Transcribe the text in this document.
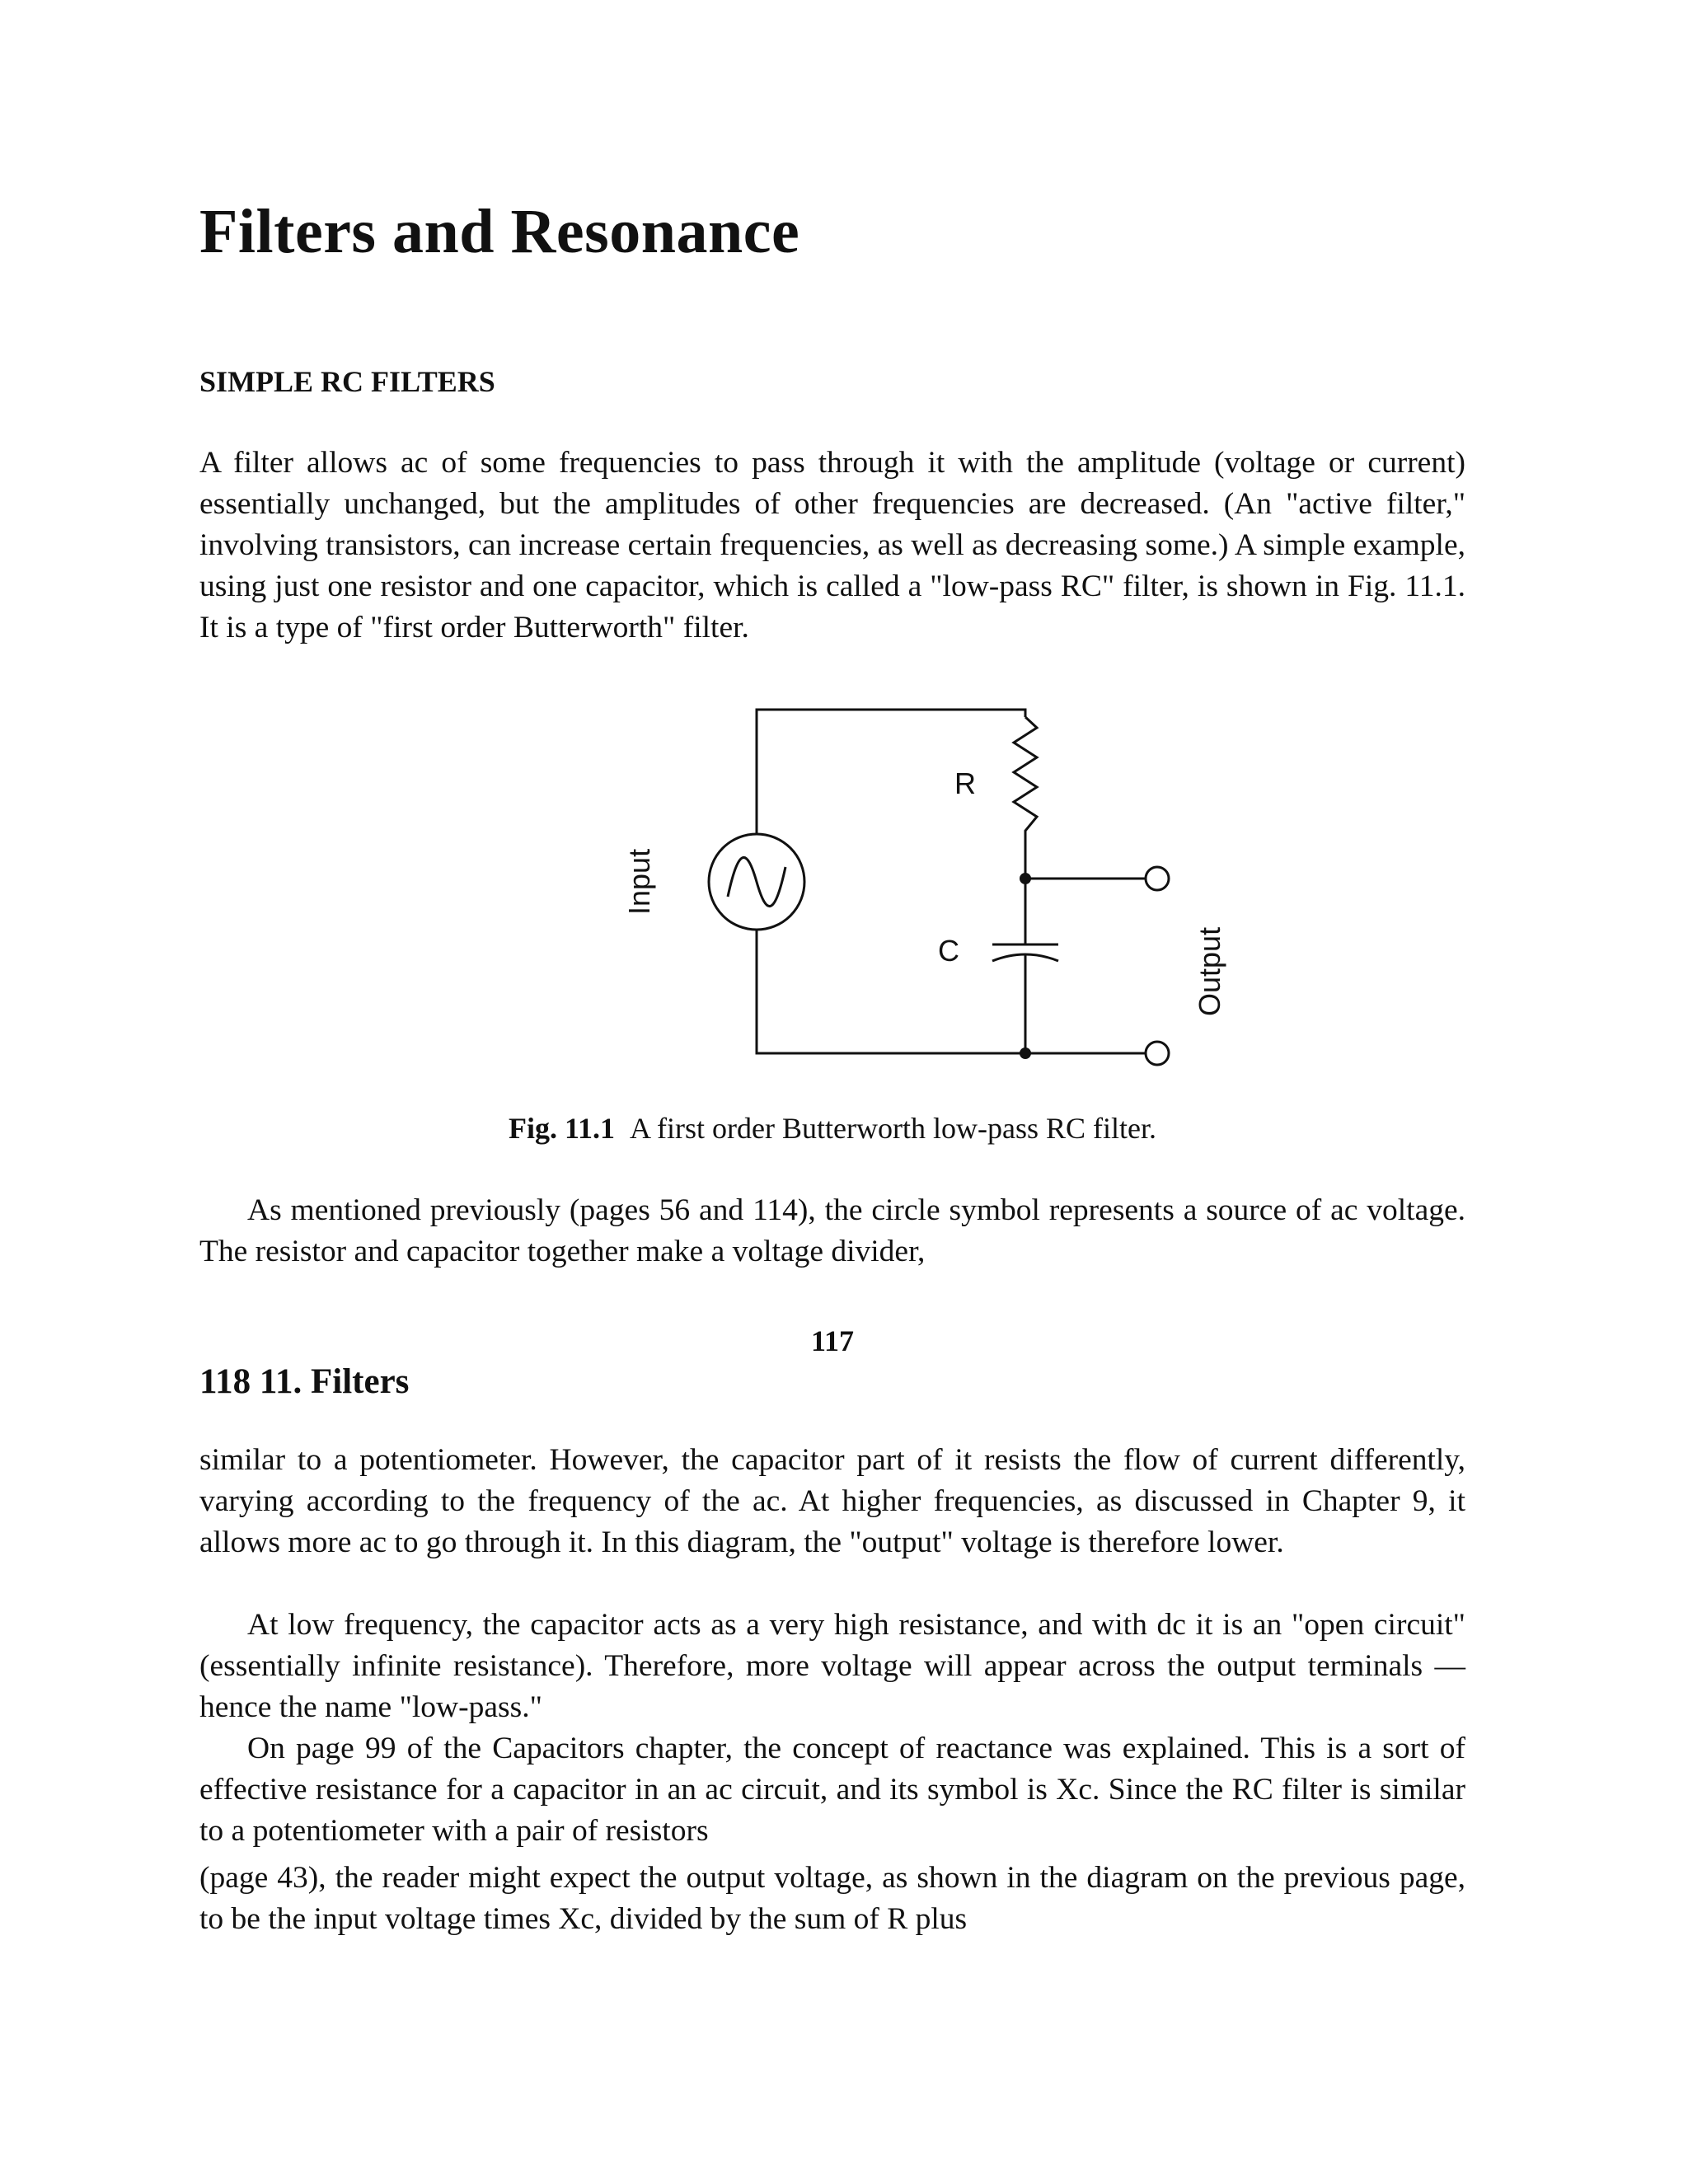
Filters and Resonance
SIMPLE RC FILTERS

A filter allows ac of some frequencies to pass through it with the amplitude (voltage or current) essentially unchanged, but the amplitudes of other frequencies are decreased. (An "active filter," involving transistors, can increase certain frequencies, as well as decreasing some.) A simple example, using just one resistor and one capacitor, which is called a "low-pass RC" filter, is shown in Fig. 11.1. It is a type of "first order Butterworth" filter.

Fig. 11.1 A first order Butterworth low-pass RC filter.

As mentioned previously (pages 56 and 114), the circle symbol represents a source of ac voltage. The resistor and capacitor together make a voltage divider,

117

118 11. Filters

similar to a potentiometer. However, the capacitor part of it resists the flow of current differently, varying according to the frequency of the ac. At higher frequencies, as discussed in Chapter 9, it allows more ac to go through it. In this diagram, the "output" voltage is therefore lower.

At low frequency, the capacitor acts as a very high resistance, and with dc it is an "open circuit" (essentially infinite resistance). Therefore, more voltage will appear across the output terminals — hence the name "low-pass."

On page 99 of the Capacitors chapter, the concept of reactance was explained. This is a sort of effective resistance for a capacitor in an ac circuit, and its symbol is Xc. Since the RC filter is similar to a potentiometer with a pair of resistors

(page 43), the reader might expect the output voltage, as shown in the diagram on the previous page, to be the input voltage times Xc, divided by the sum of R plus

R
C
Input
Output
